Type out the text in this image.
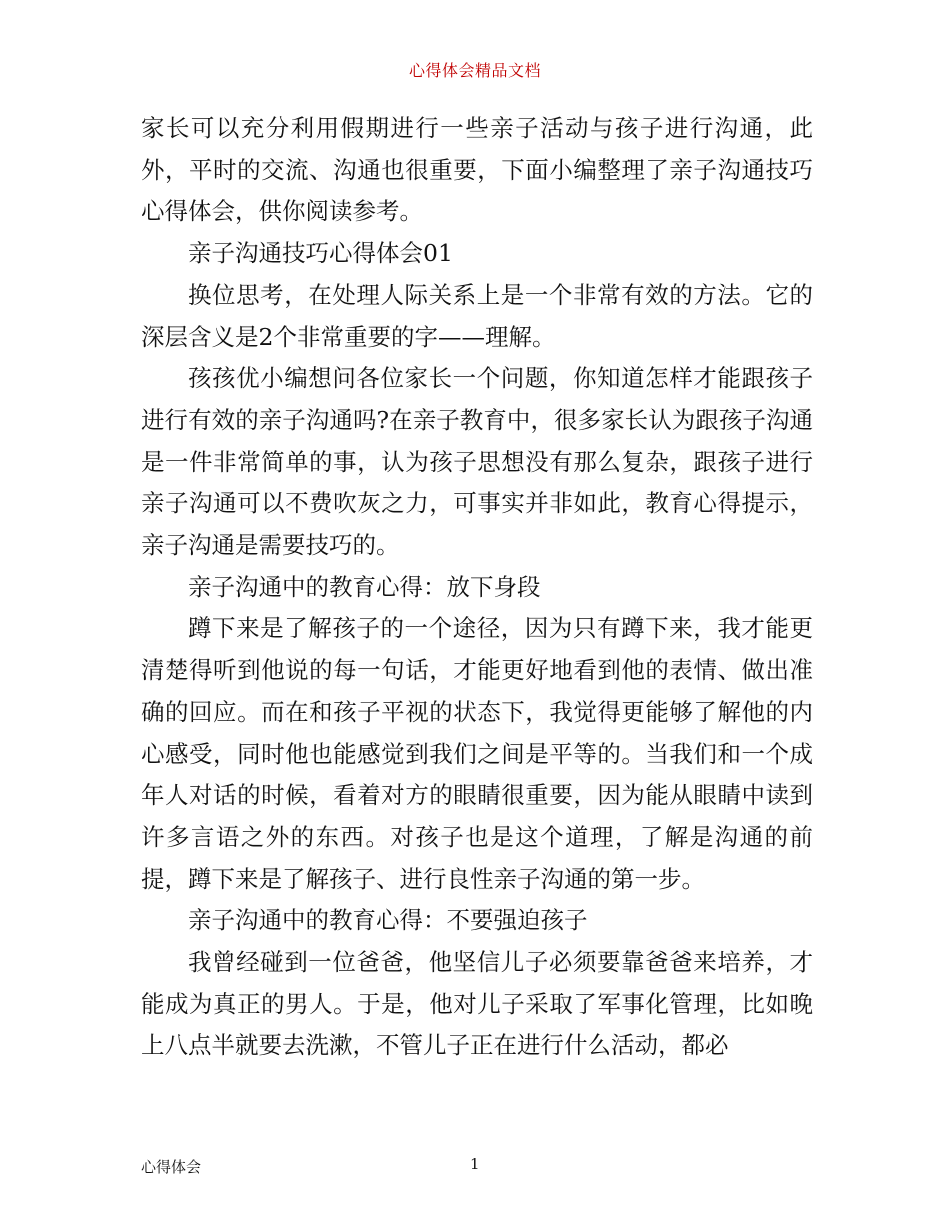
心得体会精品文档

家长可以充分利用假期进行一些亲子活动与孩子进行沟通，此外，平时的交流、沟通也很重要，下面小编整理了亲子沟通技巧心得体会，供你阅读参考。

亲子沟通技巧心得体会01

换位思考，在处理人际关系上是一个非常有效的方法。它的深层含义是2个非常重要的字——理解。

孩孩优小编想问各位家长一个问题，你知道怎样才能跟孩子进行有效的亲子沟通吗?在亲子教育中，很多家长认为跟孩子沟通是一件非常简单的事，认为孩子思想没有那么复杂，跟孩子进行亲子沟通可以不费吹灰之力，可事实并非如此，教育心得提示，亲子沟通是需要技巧的。

亲子沟通中的教育心得：放下身段

蹲下来是了解孩子的一个途径，因为只有蹲下来，我才能更清楚得听到他说的每一句话，才能更好地看到他的表情、做出准确的回应。而在和孩子平视的状态下，我觉得更能够了解他的内心感受，同时他也能感觉到我们之间是平等的。当我们和一个成年人对话的时候，看着对方的眼睛很重要，因为能从眼睛中读到许多言语之外的东西。对孩子也是这个道理，了解是沟通的前提，蹲下来是了解孩子、进行良性亲子沟通的第一步。

亲子沟通中的教育心得：不要强迫孩子

我曾经碰到一位爸爸，他坚信儿子必须要靠爸爸来培养，才能成为真正的男人。于是，他对儿子采取了军事化管理，比如晚上八点半就要去洗漱，不管儿子正在进行什么活动，都必

心得体会	1
